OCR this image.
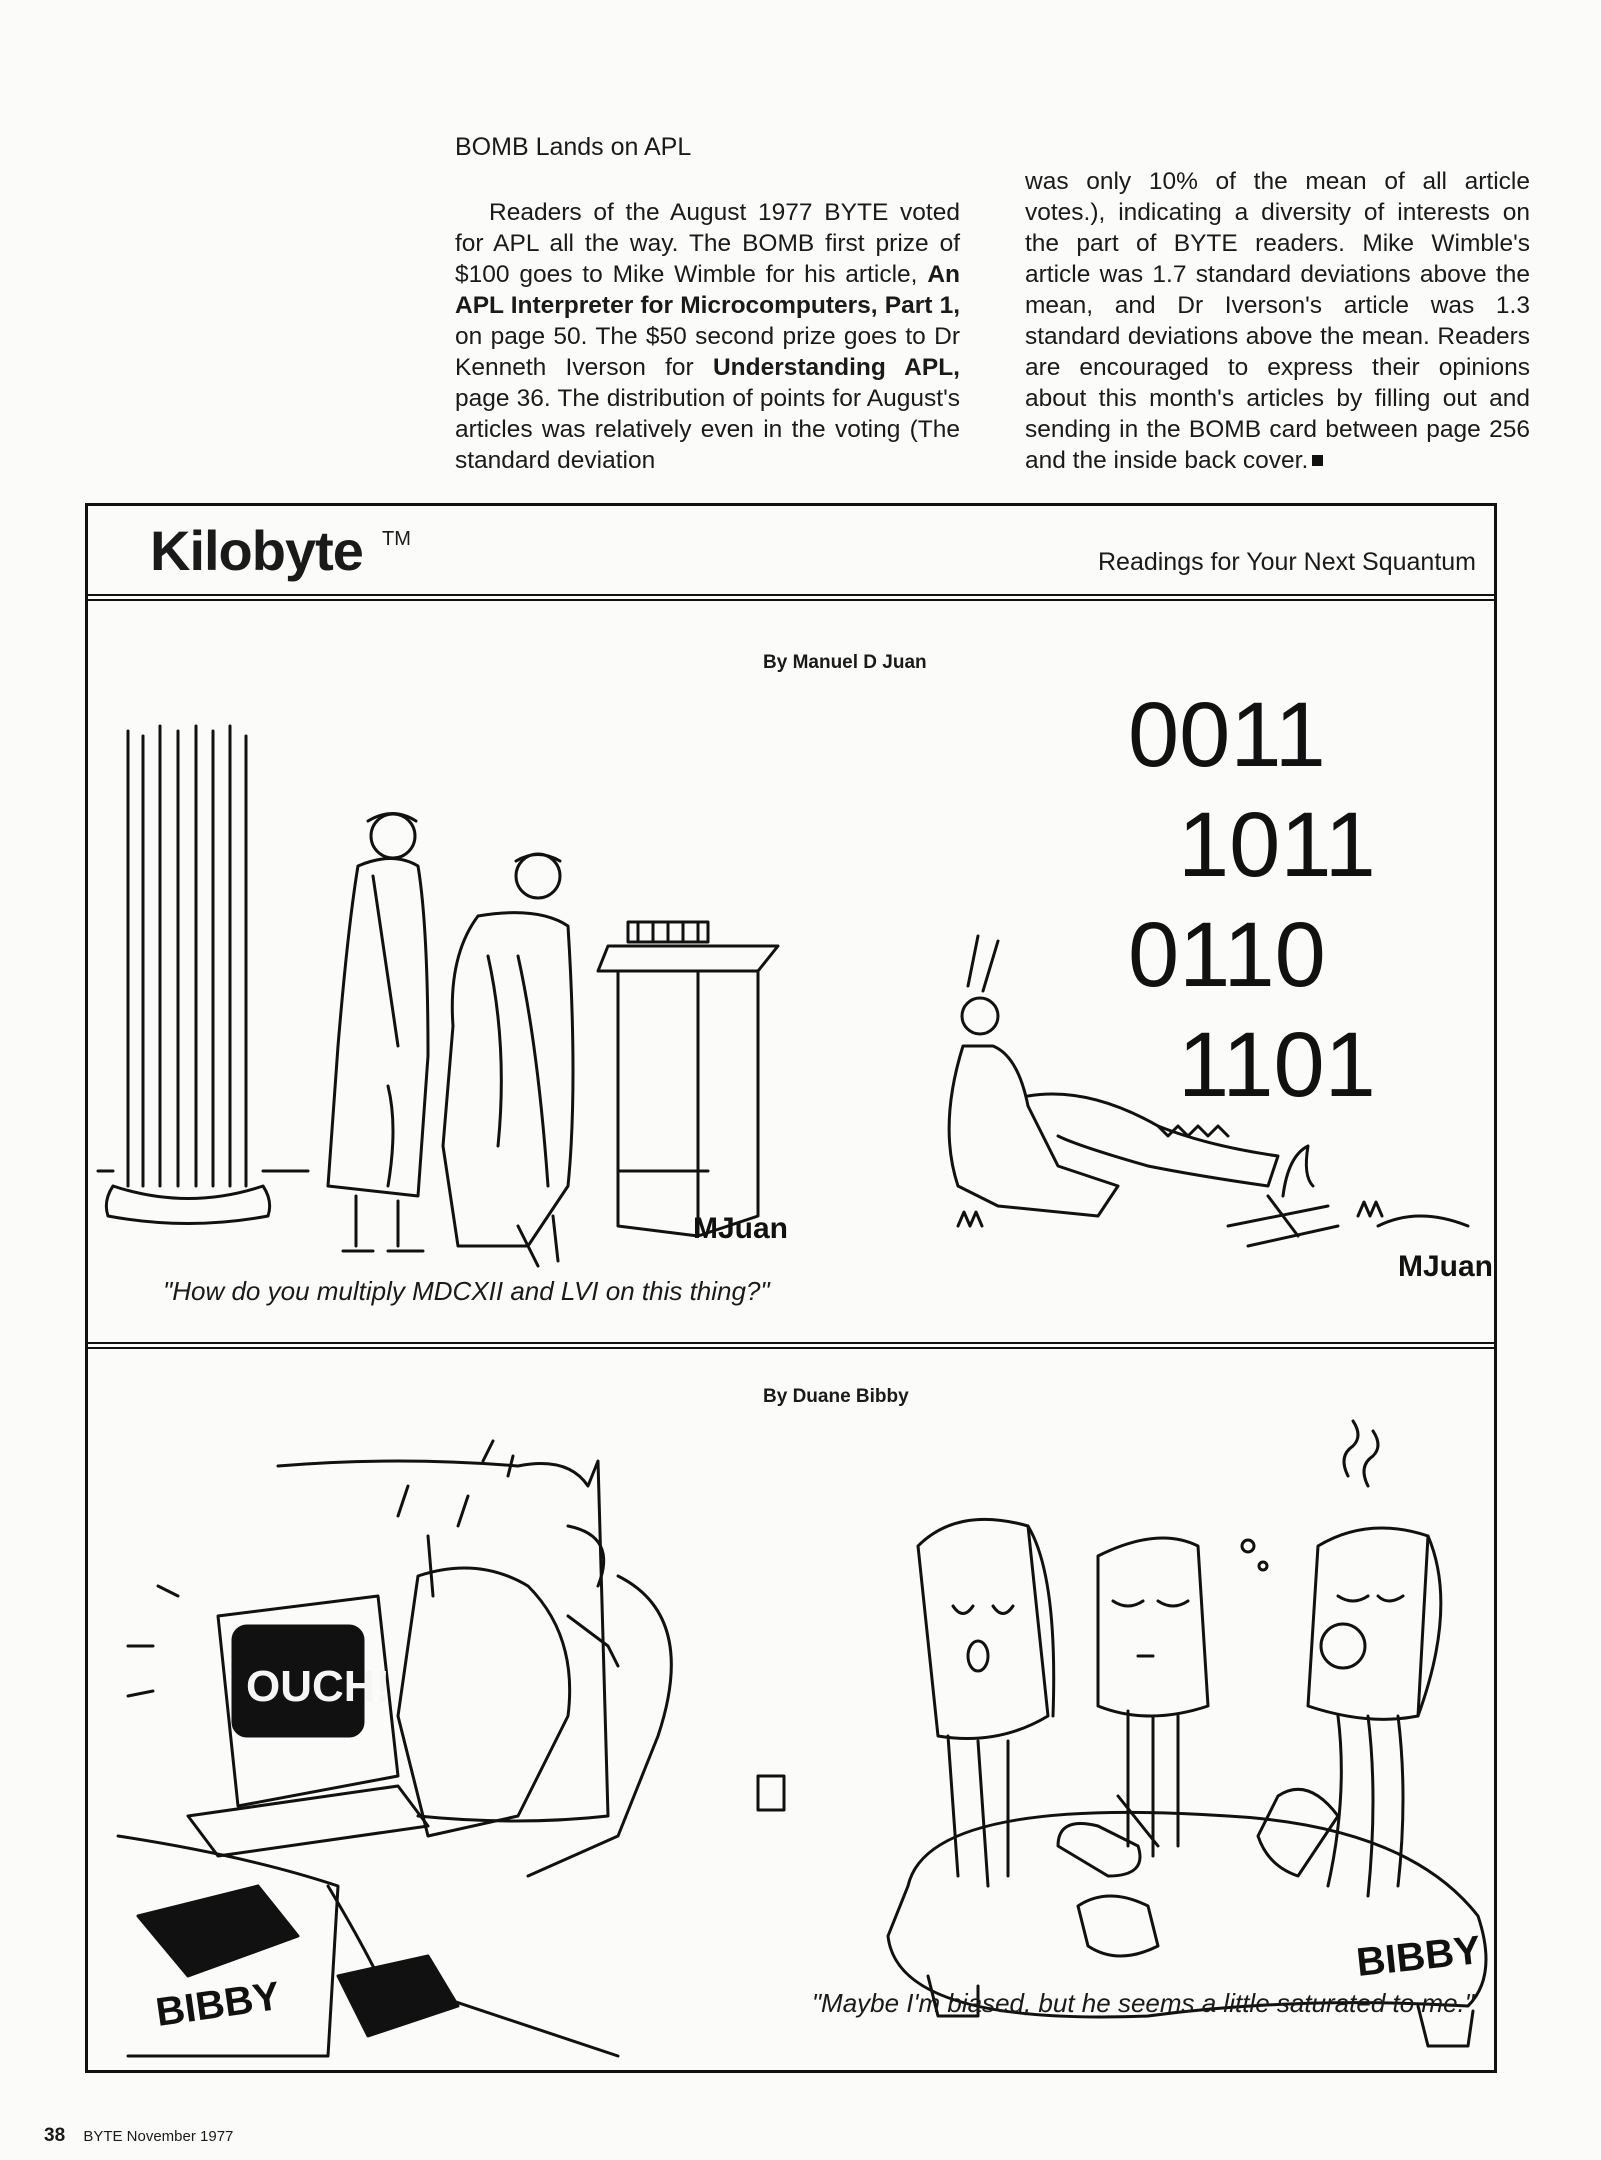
BOMB Lands on APL
Readers of the August 1977 BYTE voted for APL all the way. The BOMB first prize of $100 goes to Mike Wimble for his article, An APL Interpreter for Microcomputers, Part 1, on page 50. The $50 second prize goes to Dr Kenneth Iverson for Understanding APL, page 36. The distribution of points for August's articles was relatively even in the voting (The standard deviation
was only 10% of the mean of all article votes.), indicating a diversity of interests on the part of BYTE readers. Mike Wimble's article was 1.7 standard deviations above the mean, and Dr Iverson's article was 1.3 standard deviations above the mean. Readers are encouraged to express their opinions about this month's articles by filling out and sending in the BOMB card between page 256 and the inside back cover.
Kilobyte TM
Readings for Your Next Squantum
By Manuel D Juan
MJuan
0011
1011
0110
1101
MJuan
"How do you multiply MDCXII and LVI on this thing?"
By Duane Bibby
OUCH!
BIBBY
BIBBY
"Maybe I'm biased, but he seems a little saturated to me."
38 BYTE November 1977
